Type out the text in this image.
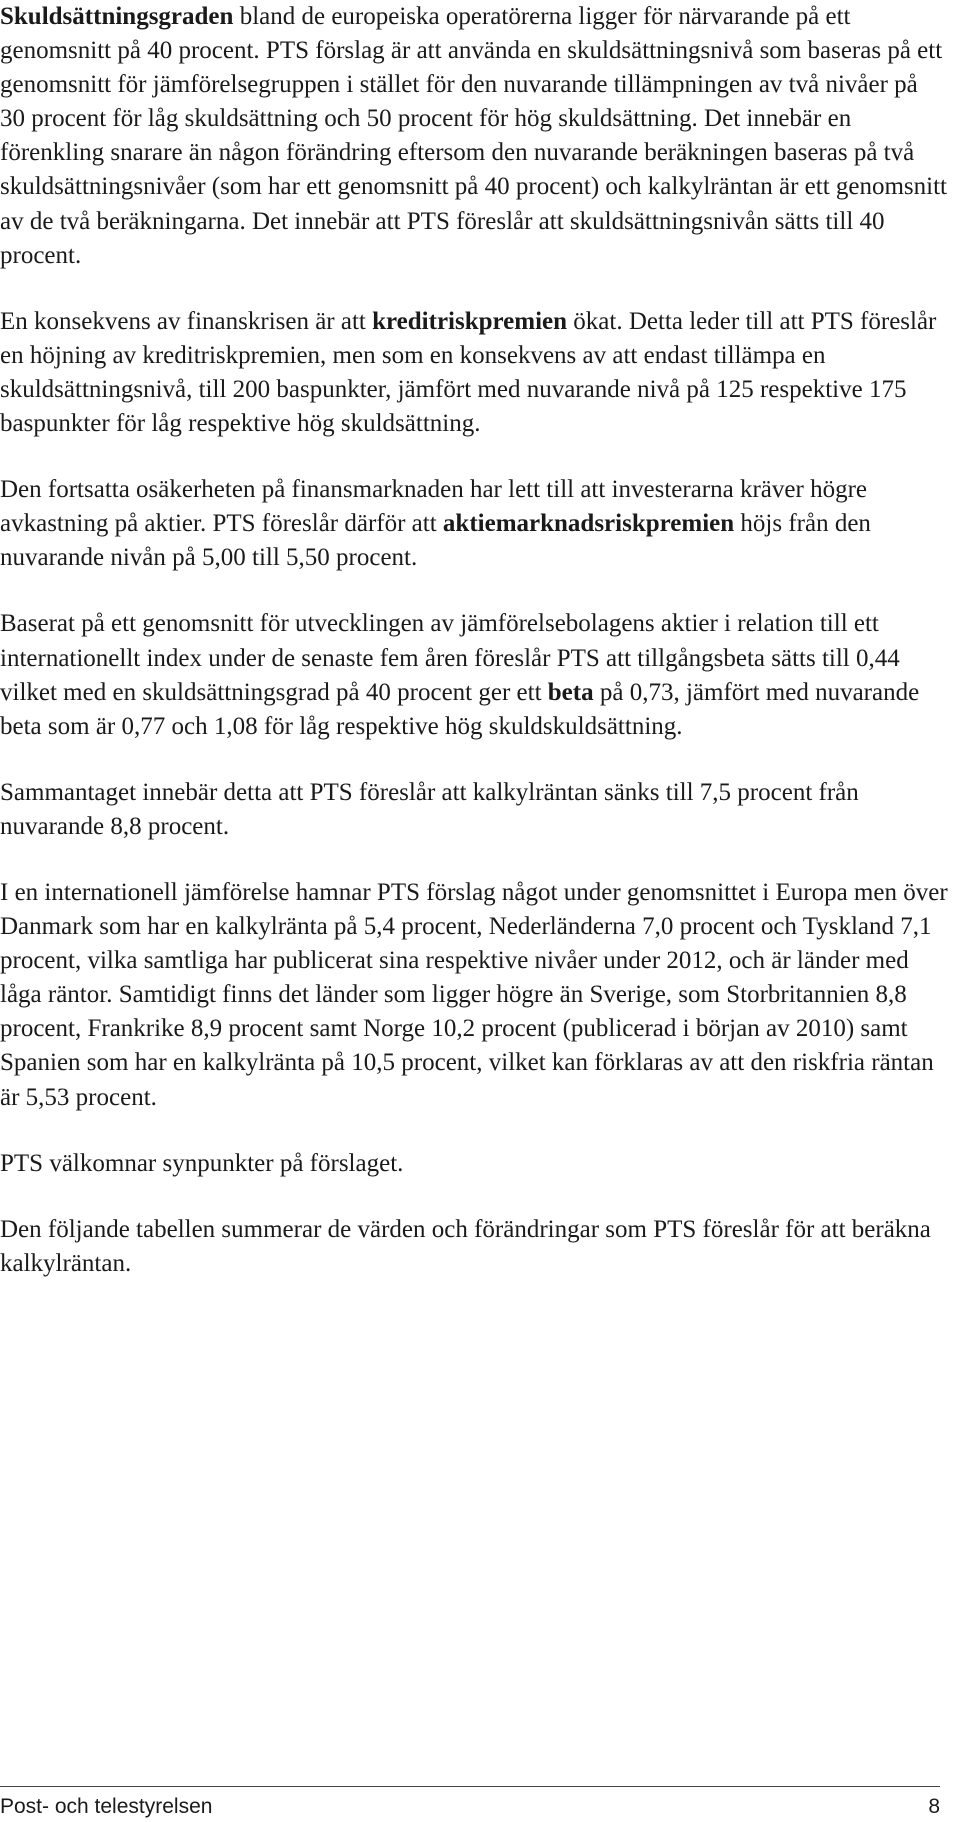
Skuldsättningsgraden bland de europeiska operatörerna ligger för närvarande på ett genomsnitt på 40 procent. PTS förslag är att använda en skuldsättningsnivå som baseras på ett genomsnitt för jämförelsegruppen i stället för den nuvarande tillämpningen av två nivåer på 30 procent för låg skuldsättning och 50 procent för hög skuldsättning. Det innebär en förenkling snarare än någon förändring eftersom den nuvarande beräkningen baseras på två skuldsättningsnivåer (som har ett genomsnitt på 40 procent) och kalkylräntan är ett genomsnitt av de två beräkningarna. Det innebär att PTS föreslår att skuldsättningsnivån sätts till 40 procent.

En konsekvens av finanskrisen är att kreditriskpremien ökat. Detta leder till att PTS föreslår en höjning av kreditriskpremien, men som en konsekvens av att endast tillämpa en skuldsättningsnivå, till 200 baspunkter, jämfört med nuvarande nivå på 125 respektive 175 baspunkter för låg respektive hög skuldsättning.

Den fortsatta osäkerheten på finansmarknaden har lett till att investerarna kräver högre avkastning på aktier. PTS föreslår därför att aktiemarknadsriskpremien höjs från den nuvarande nivån på 5,00 till 5,50 procent.

Baserat på ett genomsnitt för utvecklingen av jämförelsebolagens aktier i relation till ett internationellt index under de senaste fem åren föreslår PTS att tillgångsbeta sätts till 0,44 vilket med en skuldsättningsgrad på 40 procent ger ett beta på 0,73, jämfört med nuvarande beta som är 0,77 och 1,08 för låg respektive hög skuldskuldsättning.

Sammantaget innebär detta att PTS föreslår att kalkylräntan sänks till 7,5 procent från nuvarande 8,8 procent.

I en internationell jämförelse hamnar PTS förslag något under genomsnittet i Europa men över Danmark som har en kalkylränta på 5,4 procent, Nederländerna 7,0 procent och Tyskland 7,1 procent, vilka samtliga har publicerat sina respektive nivåer under 2012, och är länder med låga räntor. Samtidigt finns det länder som ligger högre än Sverige, som Storbritannien 8,8 procent, Frankrike 8,9 procent samt Norge 10,2 procent (publicerad i början av 2010) samt Spanien som har en kalkylränta på 10,5 procent, vilket kan förklaras av att den riskfria räntan är 5,53 procent.

PTS välkomnar synpunkter på förslaget.

Den följande tabellen summerar de värden och förändringar som PTS föreslår för att beräkna kalkylräntan.

Post- och telestyrelsen	8
